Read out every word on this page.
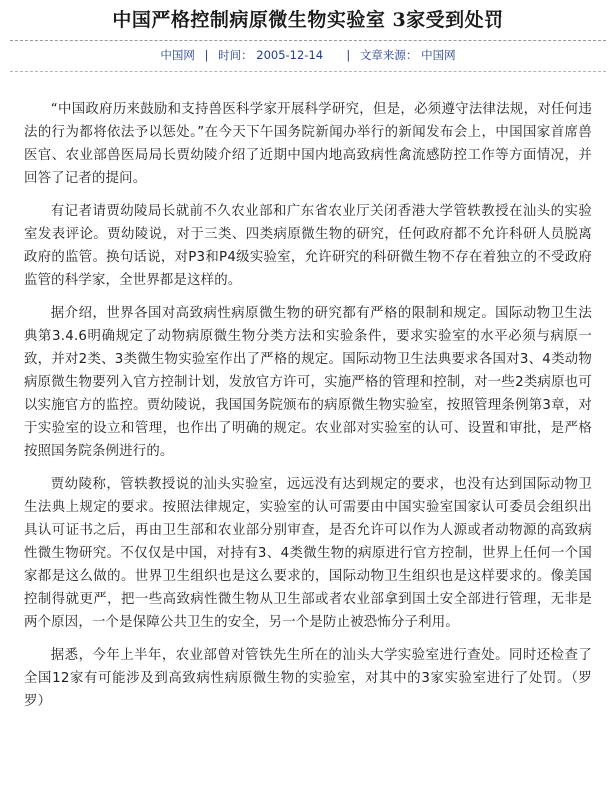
中国严格控制病原微生物实验室 3家受到处罚
中国网 | 时间： 2005-12-14 | 文章来源： 中国网

“中国政府历来鼓励和支持兽医科学家开展科学研究，但是，必须遵守法律法规，对任何违法的行为都将依法予以惩处。”在今天下午国务院新闻办举行的新闻发布会上，中国国家首席兽医官、农业部兽医局局长贾幼陵介绍了近期中国内地高致病性禽流感防控工作等方面情况，并回答了记者的提问。

有记者请贾幼陵局长就前不久农业部和广东省农业厅关闭香港大学管轶教授在汕头的实验室发表评论。贾幼陵说，对于三类、四类病原微生物的研究，任何政府都不允许科研人员脱离政府的监管。换句话说，对P3和P4级实验室，允许研究的科研微生物不存在着独立的不受政府监管的科学家，全世界都是这样的。

据介绍，世界各国对高致病性病原微生物的研究都有严格的限制和规定。国际动物卫生法典第3.4.6明确规定了动物病原微生物分类方法和实验条件，要求实验室的水平必须与病原一致，并对2类、3类微生物实验室作出了严格的规定。国际动物卫生法典要求各国对3、4类动物病原微生物要列入官方控制计划，发放官方许可，实施严格的管理和控制，对一些2类病原也可以实施官方的监控。贾幼陵说，我国国务院颁布的病原微生物实验室，按照管理条例第3章，对于实验室的设立和管理，也作出了明确的规定。农业部对实验室的认可、设置和审批，是严格按照国务院条例进行的。

贾幼陵称，管轶教授说的汕头实验室，远远没有达到规定的要求，也没有达到国际动物卫生法典上规定的要求。按照法律规定，实验室的认可需要由中国实验室国家认可委员会组织出具认可证书之后，再由卫生部和农业部分别审查，是否允许可以作为人源或者动物源的高致病性微生物研究。不仅仅是中国，对持有3、4类微生物的病原进行官方控制，世界上任何一个国家都是这么做的。世界卫生组织也是这么要求的，国际动物卫生组织也是这样要求的。像美国控制得就更严，把一些高致病性微生物从卫生部或者农业部拿到国土安全部进行管理，无非是两个原因，一个是保障公共卫生的安全，另一个是防止被恐怖分子利用。

据悉，今年上半年，农业部曾对管铁先生所在的汕头大学实验室进行查处。同时还检查了全国12家有可能涉及到高致病性病原微生物的实验室，对其中的3家实验室进行了处罚。（罗罗）
